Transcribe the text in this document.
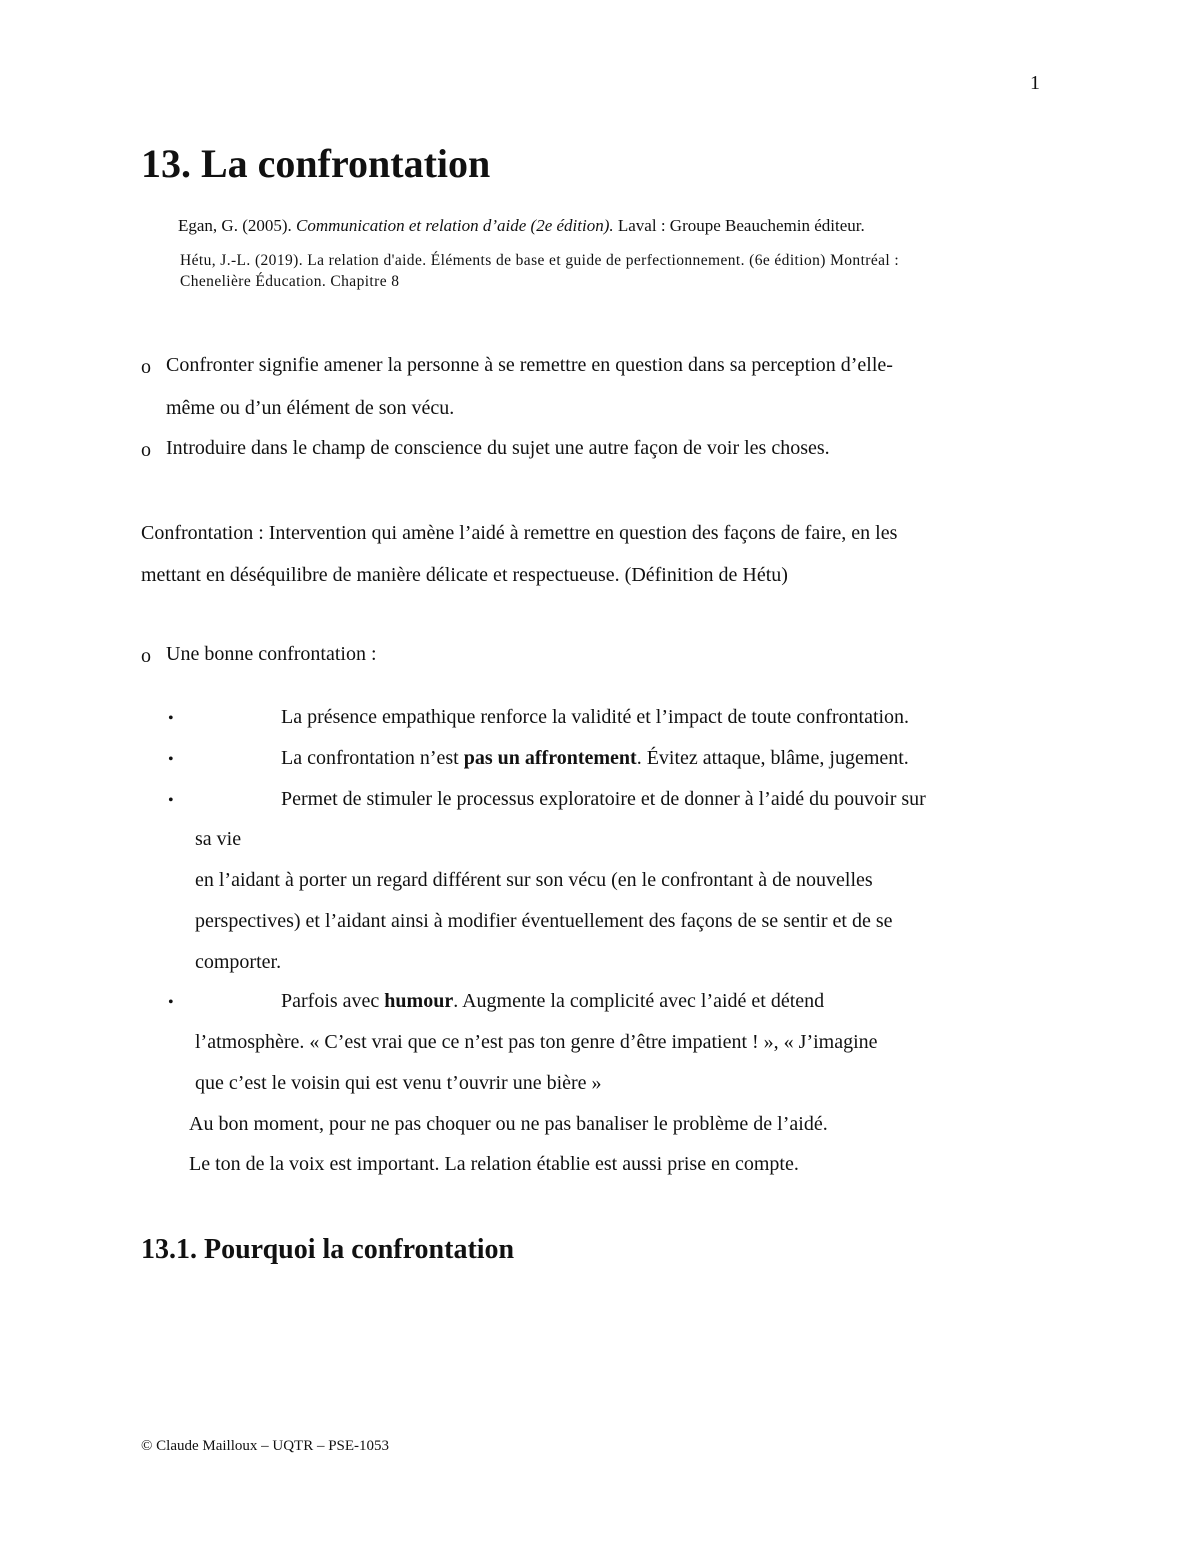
1
13. La confrontation
Egan, G. (2005). Communication et relation d’aide (2e édition). Laval : Groupe Beauchemin éditeur.
Hétu, J.-L. (2019). La relation d'aide. Éléments de base et guide de perfectionnement. (6e édition) Montréal :
Chenelière Éducation. Chapitre 8
o Confronter signifie amener la personne à se remettre en question dans sa perception d’elle-
même ou d’un élément de son vécu.
o Introduire dans le champ de conscience du sujet une autre façon de voir les choses.
Confrontation : Intervention qui amène l’aidé à remettre en question des façons de faire, en les
mettant en déséquilibre de manière délicate et respectueuse. (Définition de Hétu)
o Une bonne confrontation :
•	La présence empathique renforce la validité et l’impact de toute confrontation.
•	La confrontation n’est pas un affrontement. Évitez attaque, blâme, jugement.
•	Permet de stimuler le processus exploratoire et de donner à l’aidé du pouvoir sur
sa vie
en l’aidant à porter un regard différent sur son vécu (en le confrontant à de nouvelles
perspectives) et l’aidant ainsi à modifier éventuellement des façons de se sentir et de se
comporter.
•	Parfois avec humour. Augmente la complicité avec l’aidé et détend
l’atmosphère. « C’est vrai que ce n’est pas ton genre d’être impatient ! », « J’imagine
que c’est le voisin qui est venu t’ouvrir une bière »
Au bon moment, pour ne pas choquer ou ne pas banaliser le problème de l’aidé.
Le ton de la voix est important. La relation établie est aussi prise en compte.
13.1. Pourquoi la confrontation
© Claude Mailloux – UQTR – PSE-1053
